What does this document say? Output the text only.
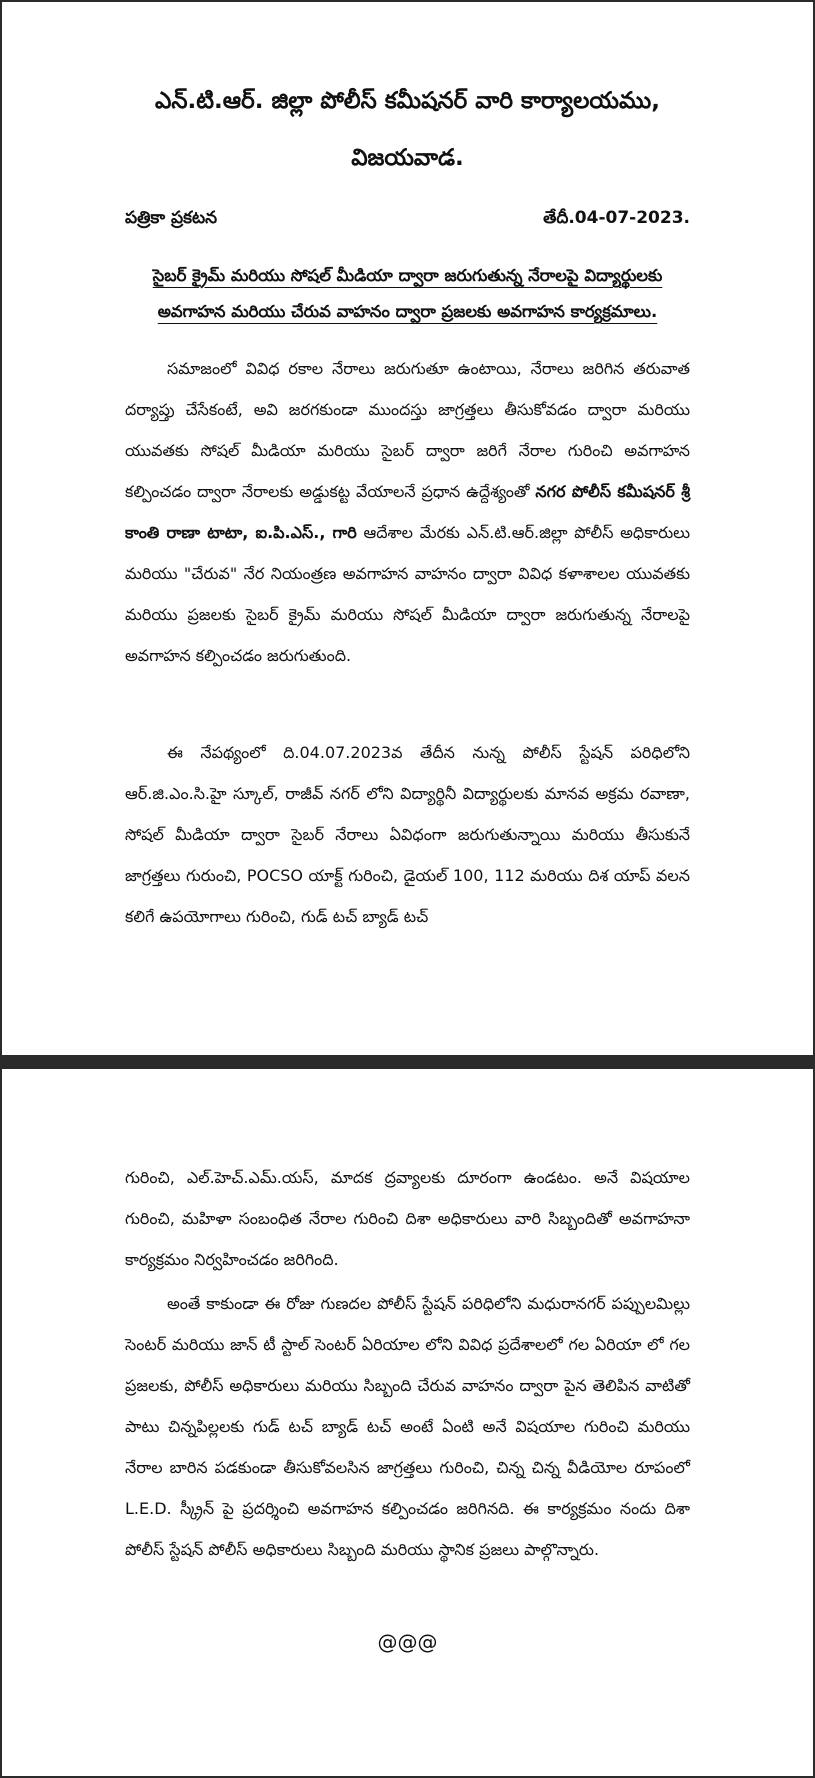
ఎన్.టి.ఆర్. జిల్లా పోలీస్ కమీషనర్ వారి కార్యాలయము,
విజయవాడ.
పత్రికా ప్రకటన	తేదీ.04-07-2023.
సైబర్ క్రైమ్ మరియు సోషల్ మీడియా ద్వారా జరుగుతున్న నేరాలపై విద్యార్థులకు
అవగాహన మరియు చేరువ వాహనం ద్వారా ప్రజలకు అవగాహన కార్యక్రమాలు.

సమాజంలో వివిధ రకాల నేరాలు జరుగుతూ ఉంటాయి, నేరాలు జరిగిన తరువాత దర్యాప్తు చేసేకంటే, అవి జరగకుండా ముందస్తు జాగ్రత్తలు తీసుకోవడం ద్వారా మరియు యువతకు సోషల్ మీడియా మరియు సైబర్ ద్వారా జరిగే నేరాల గురించి అవగాహన కల్పించడం ద్వారా నేరాలకు అడ్డుకట్ట వేయాలనే ప్రధాన ఉద్దేశ్యంతో నగర పోలీస్ కమీషనర్ శ్రీ కాంతి రాణా టాటా, ఐ.పి.ఎస్., గారి ఆదేశాల మేరకు ఎన్.టి.ఆర్.జిల్లా పోలీస్ అధికారులు మరియు "చేరువ" నేర నియంత్రణ అవగాహన వాహనం ద్వారా వివిధ కళాశాలల యువతకు మరియు ప్రజలకు సైబర్ క్రైమ్ మరియు సోషల్ మీడియా ద్వారా జరుగుతున్న నేరాలపై అవగాహన కల్పించడం జరుగుతుంది.

ఈ నేపథ్యంలో ది.04.07.2023వ తేదీన నున్న పోలీస్ స్టేషన్ పరిధిలోని ఆర్.జి.ఎం.సి.హై స్కూల్, రాజీవ్ నగర్ లోని విద్యార్థినీ విద్యార్థులకు మానవ అక్రమ రవాణా, సోషల్ మీడియా ద్వారా సైబర్ నేరాలు ఏవిధంగా జరుగుతున్నాయి మరియు తీసుకునే జాగ్రత్తలు గురుంచి, POCSO యాక్ట్ గురించి, డైయల్ 100, 112 మరియు దిశ యాప్ వలన కలిగే ఉపయోగాలు గురించి, గుడ్ టచ్ బ్యాడ్ టచ్

గురించి, ఎల్.హెచ్.ఎమ్.యస్, మాదక ద్రవ్యాలకు దూరంగా ఉండటం. అనే విషయాల గురించి, మహిళా సంబంధిత నేరాల గురించి దిశా అధికారులు వారి సిబ్బందితో అవగాహనా కార్యక్రమం నిర్వహించడం జరిగింది.

అంతే కాకుండా ఈ రోజు గుణదల పోలీస్ స్టేషన్ పరిధిలోని మధురానగర్ పప్పులమిల్లు సెంటర్ మరియు జాన్ టీ స్టాల్ సెంటర్ ఏరియాల లోని వివిధ ప్రదేశాలలో గల ఏరియా లో గల ప్రజలకు, పోలీస్ అధికారులు మరియు సిబ్బంది చేరువ వాహనం ద్వారా పైన తెలిపిన వాటితో పాటు చిన్నపిల్లలకు గుడ్ టచ్ బ్యాడ్ టచ్ అంటే ఏంటి అనే విషయాల గురించి మరియు నేరాల బారిన పడకుండా తీసుకోవలసిన జాగ్రత్తలు గురించి, చిన్న చిన్న వీడియోల రూపంలో L.E.D. స్క్రీన్ పై ప్రదర్శించి అవగాహన కల్పించడం జరిగినది. ఈ కార్యక్రమం నందు దిశా పోలీస్ స్టేషన్ పోలీస్ అధికారులు సిబ్బంది మరియు స్థానిక ప్రజలు పాల్గొన్నారు.

@@@
